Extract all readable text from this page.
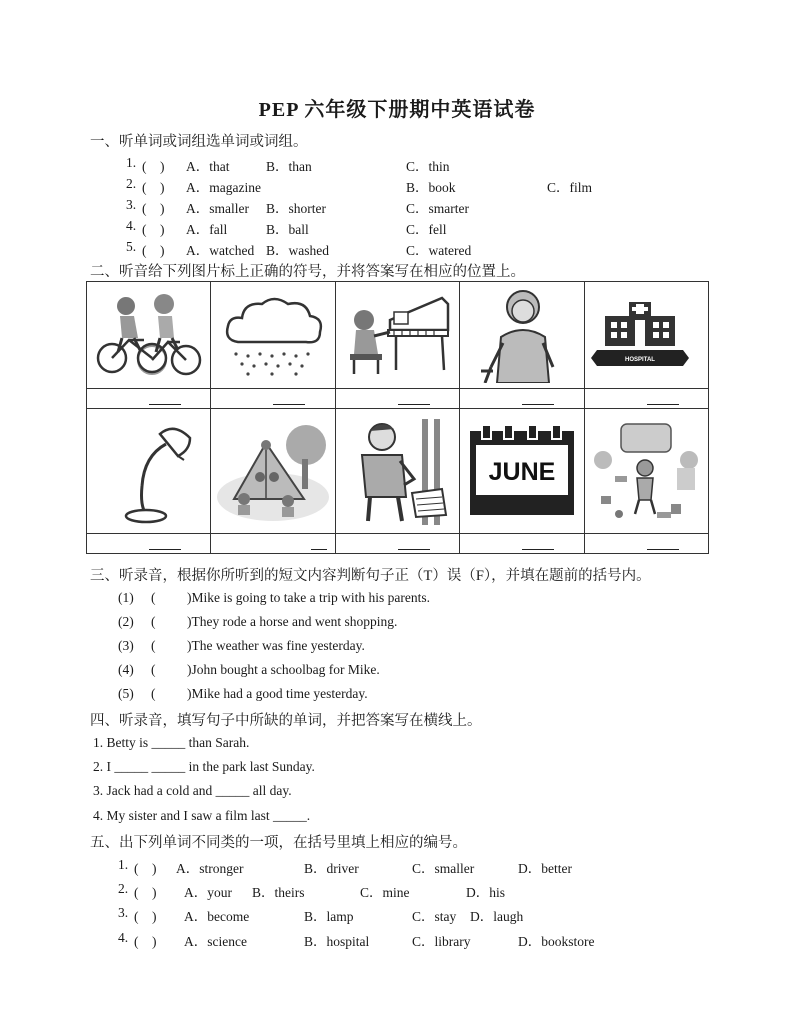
PEP 六年级下册期中英语试卷
一、听单词或词组选单词或词组。
1. (　) A．that	B．than	C．thin
2. (　) A．magazine	B．book	C．film
3. (　) A．smaller B．shorter	C．smarter
4. (　) A．fall	B．ball	C．fell
5. (　) A．watched B．washed	C．watered
二、听音给下列图片标上正确的符号，并将答案写在相应的位置上。

HOSPITAL

JUNE

三、听录音，根据你所听到的短文内容判断句子正（T）误（F），并填在题前的括号内。
(1) ( )Mike is going to take a trip with his parents.
(2) ( )They rode a horse and went shopping.
(3) ( )The weather was fine yesterday.
(4) ( )John bought a schoolbag for Mike.
(5) ( )Mike had a good time yesterday.
四、听录音，填写句子中所缺的单词，并把答案写在横线上。
1. Betty is _____ than Sarah.
2. I _____ _____ in the park last Sunday.
3. Jack had a cold and _____ all day.
4. My sister and I saw a film last _____.
五、出下列单词不同类的一项，在括号里填上相应的编号。
1. (　) A．stronger	B．driver	C．smaller	D．better
2. (　) A．your B．theirs	C．mine	D．his
3. (　) A．become	B．lamp	C．stay D．laugh
4. (　) A．science	B．hospital	C．library	D．bookstore
